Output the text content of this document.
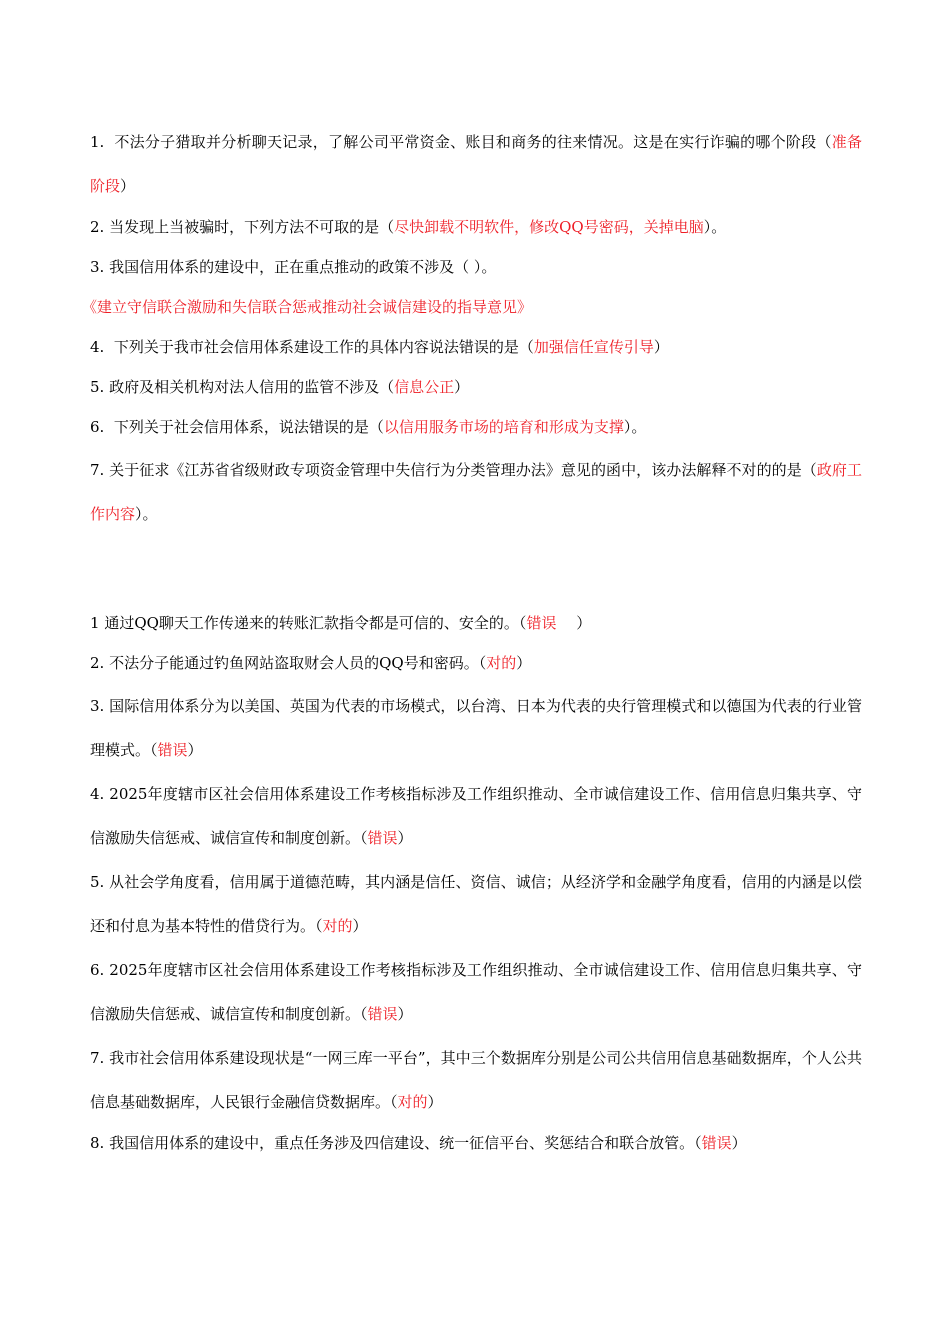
1. 不法分子猎取并分析聊天记录，了解公司平常资金、账目和商务的往来情况。这是在实行诈骗的哪个阶段（准备阶段）

2. 当发现上当被骗时，下列方法不可取的是（尽快卸载不明软件，修改QQ号密码，关掉电脑）。

3. 我国信用体系的建设中，正在重点推动的政策不涉及（ ）。

《建立守信联合激励和失信联合惩戒推动社会诚信建设的指导意见》

4. 下列关于我市社会信用体系建设工作的具体内容说法错误的是（加强信任宣传引导）

5. 政府及相关机构对法人信用的监管不涉及（信息公正）

6. 下列关于社会信用体系，说法错误的是（以信用服务市场的培育和形成为支撑）。

7. 关于征求《江苏省省级财政专项资金管理中失信行为分类管理办法》意见的函中，该办法解释不对的的是（政府工作内容）。

1 通过QQ聊天工作传递来的转账汇款指令都是可信的、安全的。（错误　 ）

2. 不法分子能通过钓鱼网站盗取财会人员的QQ号和密码。（对的）

3. 国际信用体系分为以美国、英国为代表的市场模式，以台湾、日本为代表的央行管理模式和以德国为代表的行业管理模式。（错误）

4. 2025年度辖市区社会信用体系建设工作考核指标涉及工作组织推动、全市诚信建设工作、信用信息归集共享、守信激励失信惩戒、诚信宣传和制度创新。（错误）

5. 从社会学角度看，信用属于道德范畴，其内涵是信任、资信、诚信；从经济学和金融学角度看，信用的内涵是以偿还和付息为基本特性的借贷行为。（对的）

6. 2025年度辖市区社会信用体系建设工作考核指标涉及工作组织推动、全市诚信建设工作、信用信息归集共享、守信激励失信惩戒、诚信宣传和制度创新。（错误）

7. 我市社会信用体系建设现状是“一网三库一平台”，其中三个数据库分别是公司公共信用信息基础数据库，个人公共信息基础数据库，人民银行金融信贷数据库。（对的）

8. 我国信用体系的建设中，重点任务涉及四信建设、统一征信平台、奖惩结合和联合放管。（错误）
